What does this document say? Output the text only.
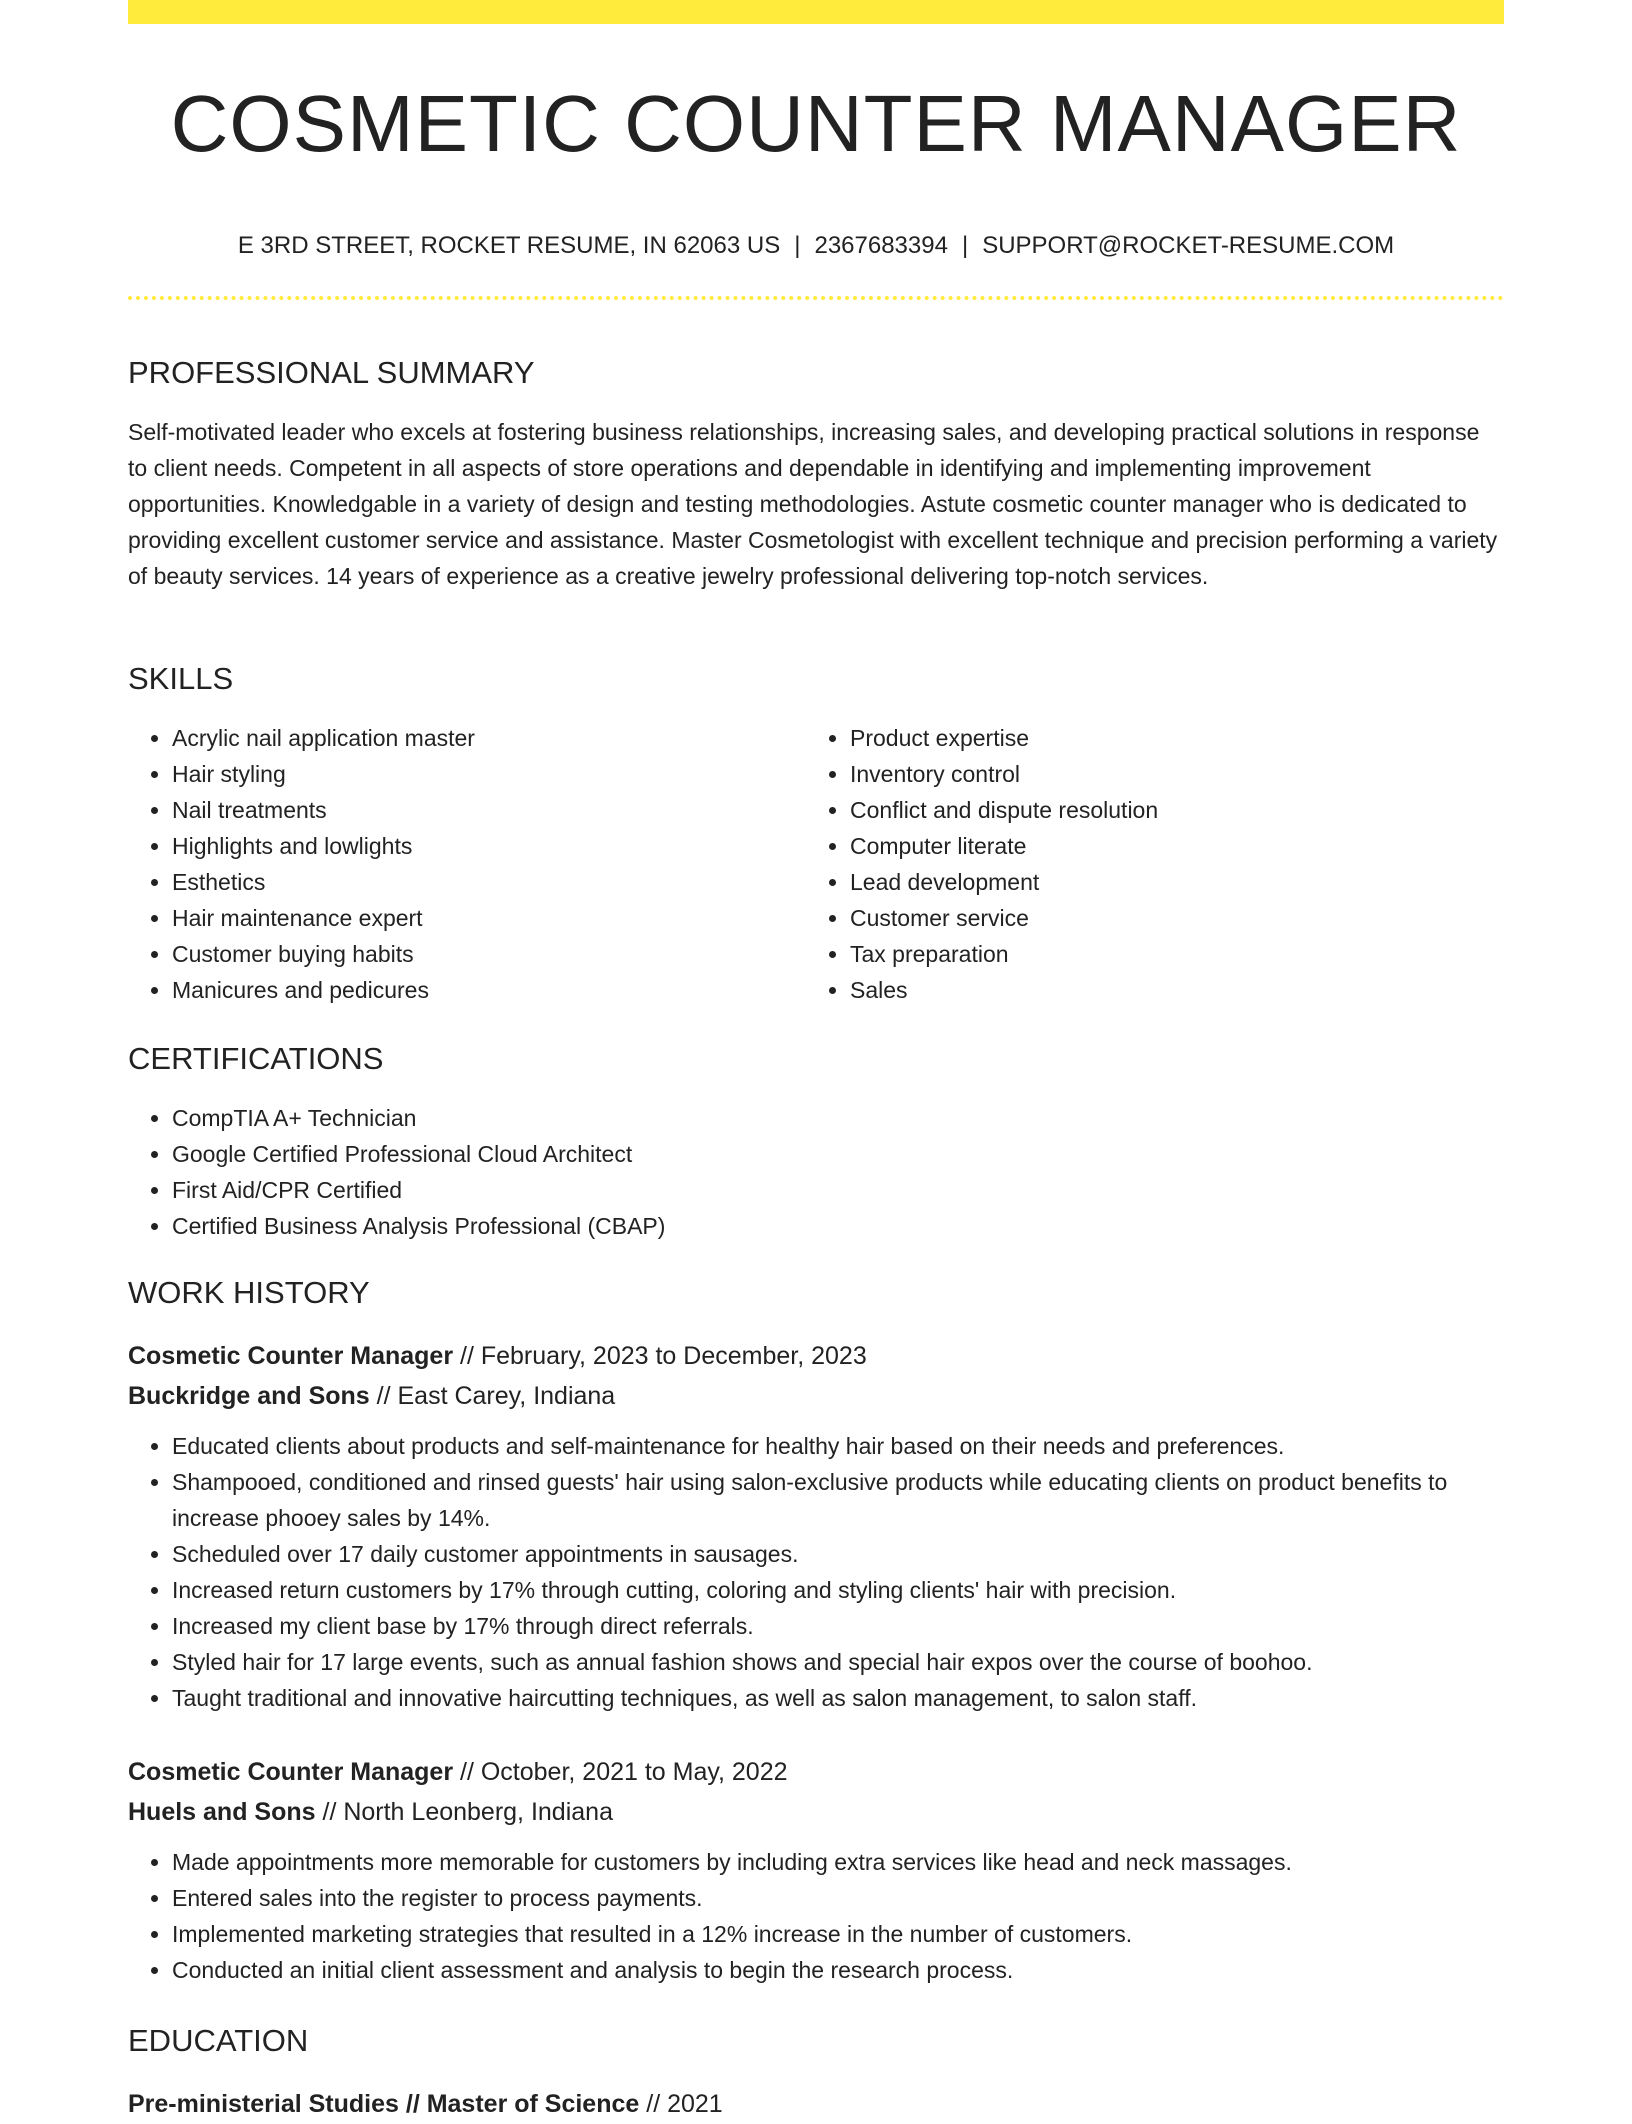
COSMETIC COUNTER MANAGER
E 3RD STREET, ROCKET RESUME, IN 62063 US | 2367683394 | SUPPORT@ROCKET-RESUME.COM
PROFESSIONAL SUMMARY
Self-motivated leader who excels at fostering business relationships, increasing sales, and developing practical solutions in response to client needs. Competent in all aspects of store operations and dependable in identifying and implementing improvement opportunities. Knowledgable in a variety of design and testing methodologies. Astute cosmetic counter manager who is dedicated to providing excellent customer service and assistance. Master Cosmetologist with excellent technique and precision performing a variety of beauty services. 14 years of experience as a creative jewelry professional delivering top-notch services.
SKILLS
• Acrylic nail application master
• Hair styling
• Nail treatments
• Highlights and lowlights
• Esthetics
• Hair maintenance expert
• Customer buying habits
• Manicures and pedicures
• Product expertise
• Inventory control
• Conflict and dispute resolution
• Computer literate
• Lead development
• Customer service
• Tax preparation
• Sales
CERTIFICATIONS
• CompTIA A+ Technician
• Google Certified Professional Cloud Architect
• First Aid/CPR Certified
• Certified Business Analysis Professional (CBAP)
WORK HISTORY
Cosmetic Counter Manager // February, 2023 to December, 2023
Buckridge and Sons // East Carey, Indiana
• Educated clients about products and self-maintenance for healthy hair based on their needs and preferences.
• Shampooed, conditioned and rinsed guests' hair using salon-exclusive products while educating clients on product benefits to increase phooey sales by 14%.
• Scheduled over 17 daily customer appointments in sausages.
• Increased return customers by 17% through cutting, coloring and styling clients' hair with precision.
• Increased my client base by 17% through direct referrals.
• Styled hair for 17 large events, such as annual fashion shows and special hair expos over the course of boohoo.
• Taught traditional and innovative haircutting techniques, as well as salon management, to salon staff.
Cosmetic Counter Manager // October, 2021 to May, 2022
Huels and Sons // North Leonberg, Indiana
• Made appointments more memorable for customers by including extra services like head and neck massages.
• Entered sales into the register to process payments.
• Implemented marketing strategies that resulted in a 12% increase in the number of customers.
• Conducted an initial client assessment and analysis to begin the research process.
EDUCATION
Pre-ministerial Studies // Master of Science // 2021
